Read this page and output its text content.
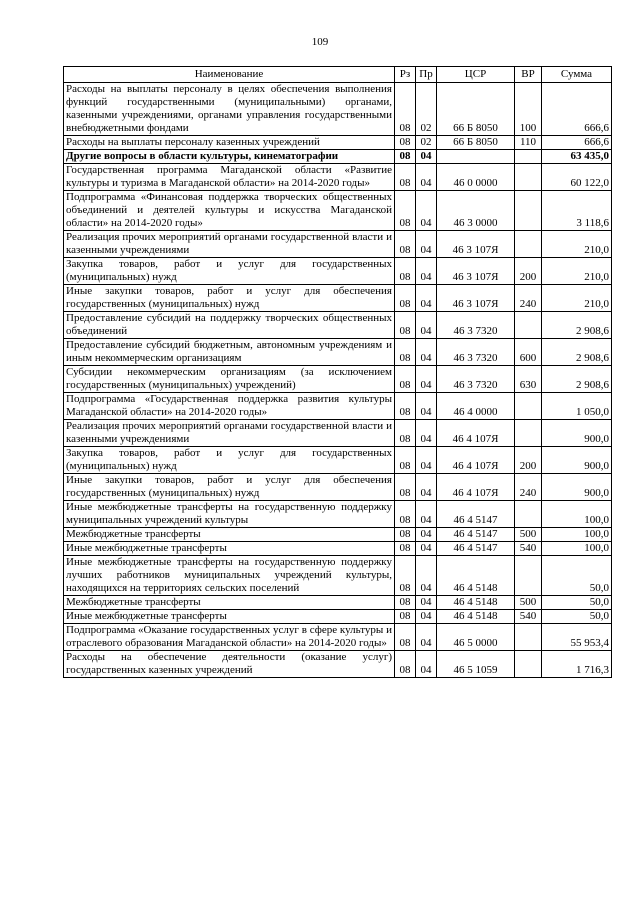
109
Наименование	Рз	Пр	ЦСР	ВР	Сумма
Расходы на выплаты персоналу в целях обеспечения выполнения функций государственными (муниципальными) органами, казенными учреждениями, органами управления государственными внебюджетными фондами	08	02	66 Б 8050	100	666,6
Расходы на выплаты персоналу казенных учреждений	08	02	66 Б 8050	110	666,6
Другие вопросы в области культуры, кинематографии	08	04			63 435,0
Государственная программа Магаданской области «Развитие культуры и туризма в Магаданской области» на 2014-2020 годы»	08	04	46 0 0000		60 122,0
Подпрограмма «Финансовая поддержка творческих общественных объединений и деятелей культуры и искусства Магаданской области» на 2014-2020 годы»	08	04	46 3 0000		3 118,6
Реализация прочих мероприятий органами государственной власти и казенными учреждениями	08	04	46 3 107Я		210,0
Закупка товаров, работ и услуг для государственных (муниципальных) нужд	08	04	46 3 107Я	200	210,0
Иные закупки товаров, работ и услуг для обеспечения государственных (муниципальных) нужд	08	04	46 3 107Я	240	210,0
Предоставление субсидий на поддержку творческих общественных объединений	08	04	46 3 7320		2 908,6
Предоставление субсидий бюджетным, автономным учреждениям и иным некоммерческим организациям	08	04	46 3 7320	600	2 908,6
Субсидии некоммерческим организациям (за исключением государственных (муниципальных) учреждений)	08	04	46 3 7320	630	2 908,6
Подпрограмма «Государственная поддержка развития культуры Магаданской области» на 2014-2020 годы»	08	04	46 4 0000		1 050,0
Реализация прочих мероприятий органами государственной власти и казенными учреждениями	08	04	46 4 107Я		900,0
Закупка товаров, работ и услуг для государственных (муниципальных) нужд	08	04	46 4 107Я	200	900,0
Иные закупки товаров, работ и услуг для обеспечения государственных (муниципальных) нужд	08	04	46 4 107Я	240	900,0
Иные межбюджетные трансферты на государственную поддержку муниципальных учреждений культуры	08	04	46 4 5147		100,0
Межбюджетные трансферты	08	04	46 4 5147	500	100,0
Иные межбюджетные трансферты	08	04	46 4 5147	540	100,0
Иные межбюджетные трансферты на государственную поддержку лучших работников муниципальных учреждений культуры, находящихся на территориях сельских поселений	08	04	46 4 5148		50,0
Межбюджетные трансферты	08	04	46 4 5148	500	50,0
Иные межбюджетные трансферты	08	04	46 4 5148	540	50,0
Подпрограмма «Оказание государственных услуг в сфере культуры и отраслевого образования Магаданской области» на 2014-2020 годы»	08	04	46 5 0000		55 953,4
Расходы на обеспечение деятельности (оказание услуг) государственных казенных учреждений	08	04	46 5 1059		1 716,3
